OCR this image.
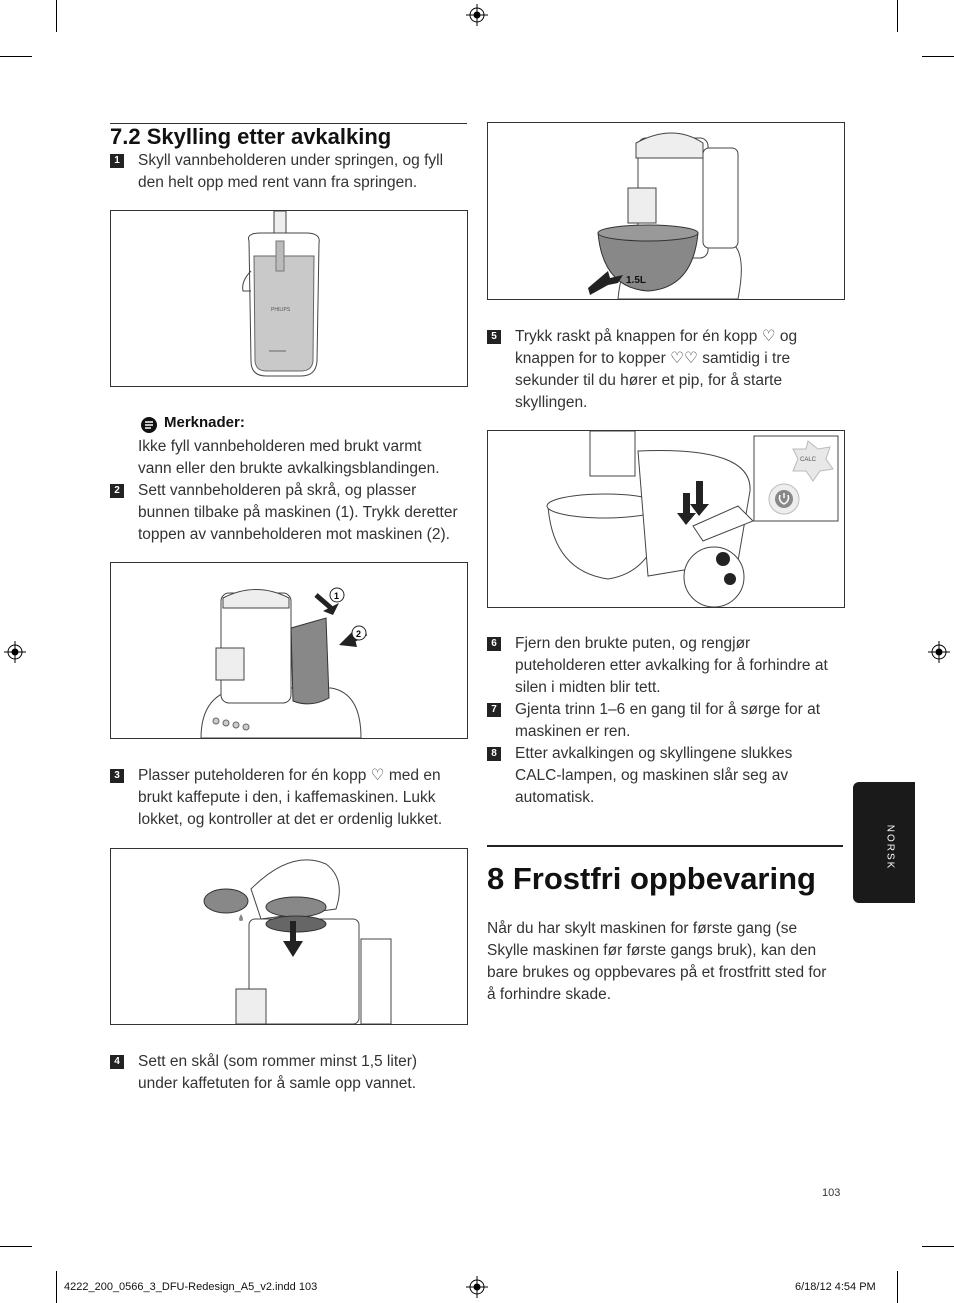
7.2 Skylling etter avkalking
1 Skyll vannbeholderen under springen, og fyll
den helt opp med rent vann fra springen.
PHILIPS
Merknader:
Ikke fyll vannbeholderen med brukt varmt
vann eller den brukte avkalkingsblandingen.
2 Sett vannbeholderen på skrå, og plasser
bunnen tilbake på maskinen (1). Trykk deretter
toppen av vannbeholderen mot maskinen (2).
1
2
3 Plasser puteholderen for én kopp ♡ med en
brukt kaffepute i den, i kaffemaskinen. Lukk
lokket, og kontroller at det er ordenlig lukket.
4 Sett en skål (som rommer minst 1,5 liter)
under kaffetuten for å samle opp vannet.
1.5L
5 Trykk raskt på knappen for én kopp ♡ og
knappen for to kopper ♡♡ samtidig i tre
sekunder til du hører et pip, for å starte
skyllingen.
CALC
6 Fjern den brukte puten, og rengjør
puteholderen etter avkalking for å forhindre at
silen i midten blir tett.
7 Gjenta trinn 1–6 en gang til for å sørge for at
maskinen er ren.
8 Etter avkalkingen og skyllingene slukkes
CALC-lampen, og maskinen slår seg av
automatisk.
8 Frostfri oppbevaring
Når du har skylt maskinen for første gang (se
Skylle maskinen før første gangs bruk), kan den
bare brukes og oppbevares på et frostfritt sted for
å forhindre skade.
NORSK
103
4222_200_0566_3_DFU-Redesign_A5_v2.indd 103	6/18/12 4:54 PM
